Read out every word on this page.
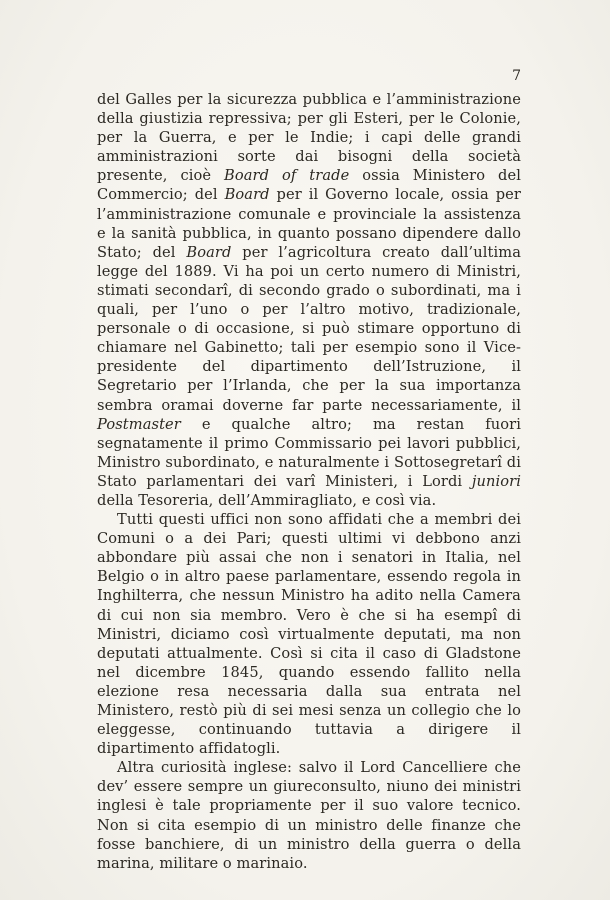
7

del Galles per la sicurezza pubblica e l’amministrazione della giustizia repressiva; per gli Esteri, per le Colonie, per la Guerra, e per le Indie; i capi delle grandi amministrazioni sorte dai bisogni della società presente, cioè Board of trade ossia Ministero del Commercio; del Board per il Governo locale, ossia per l’amministrazione comunale e provinciale la assistenza e la sanità pubblica, in quanto possano dipendere dallo Stato; del Board per l’agricoltura creato dall’ultima legge del 1889. Vi ha poi un certo numero di Ministri, stimati secondarî, di secondo grado o subordinati, ma i quali, per l’uno o per l’altro motivo, tradizionale, personale o di occasione, si può stimare opportuno di chiamare nel Gabinetto; tali per esempio sono il Vice-presidente del dipartimento dell’Istruzione, il Segretario per l’Irlanda, che per la sua importanza sembra oramai doverne far parte necessariamente, il Postmaster e qualche altro; ma restan fuori segnatamente il primo Commissario pei lavori pubblici, Ministro subordinato, e naturalmente i Sottosegretarî di Stato parlamentari dei varî Ministeri, i Lordi juniori della Tesoreria, dell’Ammiragliato, e così via.

Tutti questi uffici non sono affidati che a membri dei Comuni o a dei Pari; questi ultimi vi debbono anzi abbondare più assai che non i senatori in Italia, nel Belgio o in altro paese parlamentare, essendo regola in Inghilterra, che nessun Ministro ha adito nella Camera di cui non sia membro. Vero è che si ha esempî di Ministri, diciamo così virtualmente deputati, ma non deputati attualmente. Così si cita il caso di Gladstone nel dicembre 1845, quando essendo fallito nella elezione resa necessaria dalla sua entrata nel Ministero, restò più di sei mesi senza un collegio che lo eleggesse, continuando tuttavia a dirigere il dipartimento affidatogli.

Altra curiosità inglese: salvo il Lord Cancelliere che dev’ essere sempre un giureconsulto, niuno dei ministri inglesi è tale propriamente per il suo valore tecnico. Non si cita esempio di un ministro delle finanze che fosse banchiere, di un ministro della guerra o della marina, militare o marinaio.
